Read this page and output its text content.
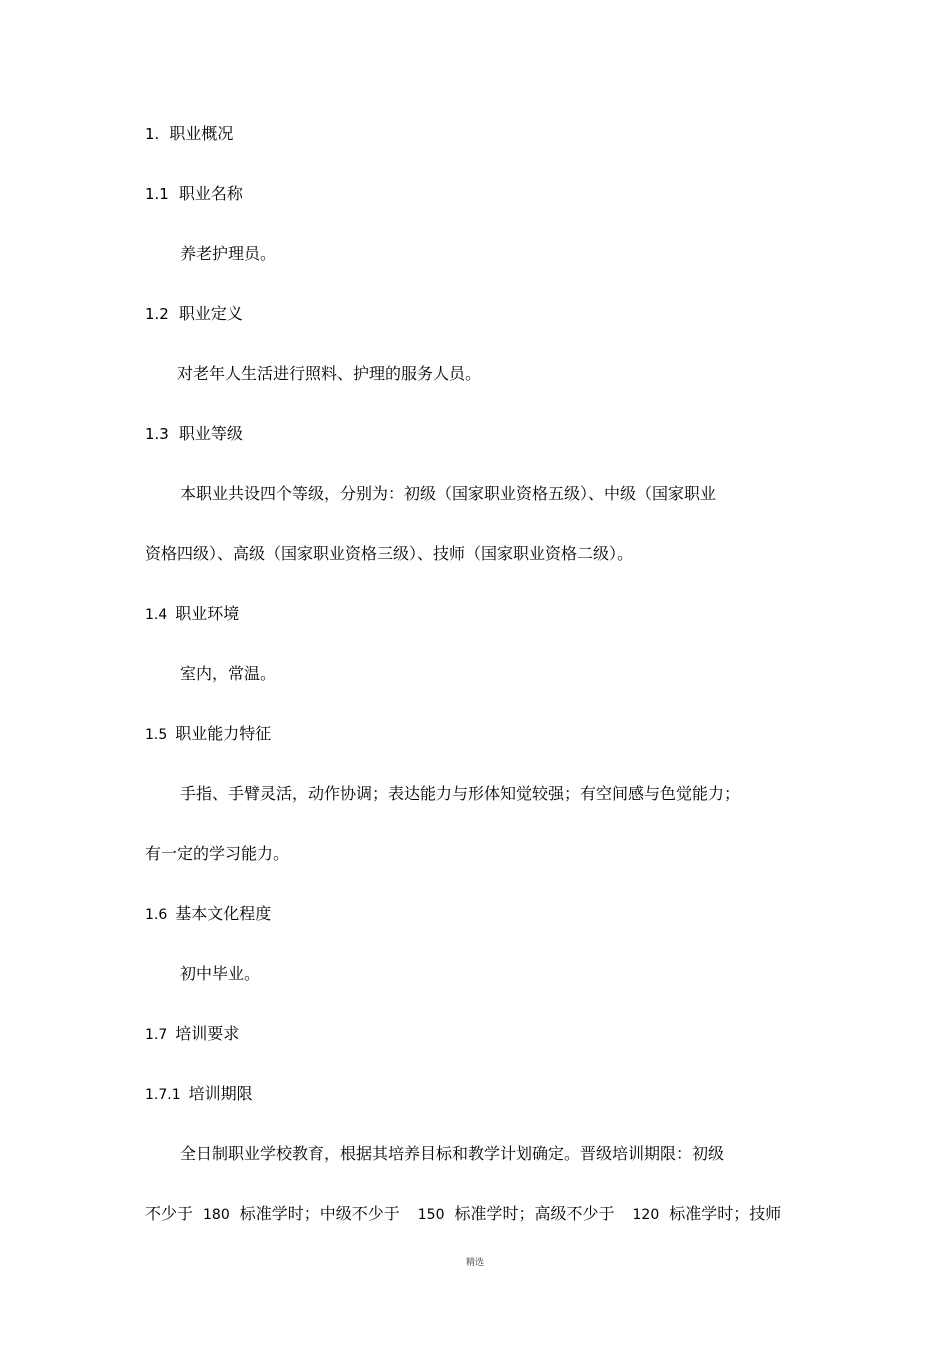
1. 职业概况
1.1 职业名称
养老护理员。
1.2 职业定义
对老年人生活进行照料、护理的服务人员。
1.3 职业等级
本职业共设四个等级，分别为：初级（国家职业资格五级）、中级（国家职业
资格四级）、高级（国家职业资格三级）、技师（国家职业资格二级）。
1.4 职业环境
室内，常温。
1.5 职业能力特征
手指、手臂灵活，动作协调；表达能力与形体知觉较强；有空间感与色觉能力；
有一定的学习能力。
1.6 基本文化程度
初中毕业。
1.7 培训要求
1.7.1 培训期限
全日制职业学校教育，根据其培养目标和教学计划确定。晋级培训期限：初级
不少于 180 标准学时；中级不少于 150 标准学时；高级不少于 120 标准学时；技师
精选
